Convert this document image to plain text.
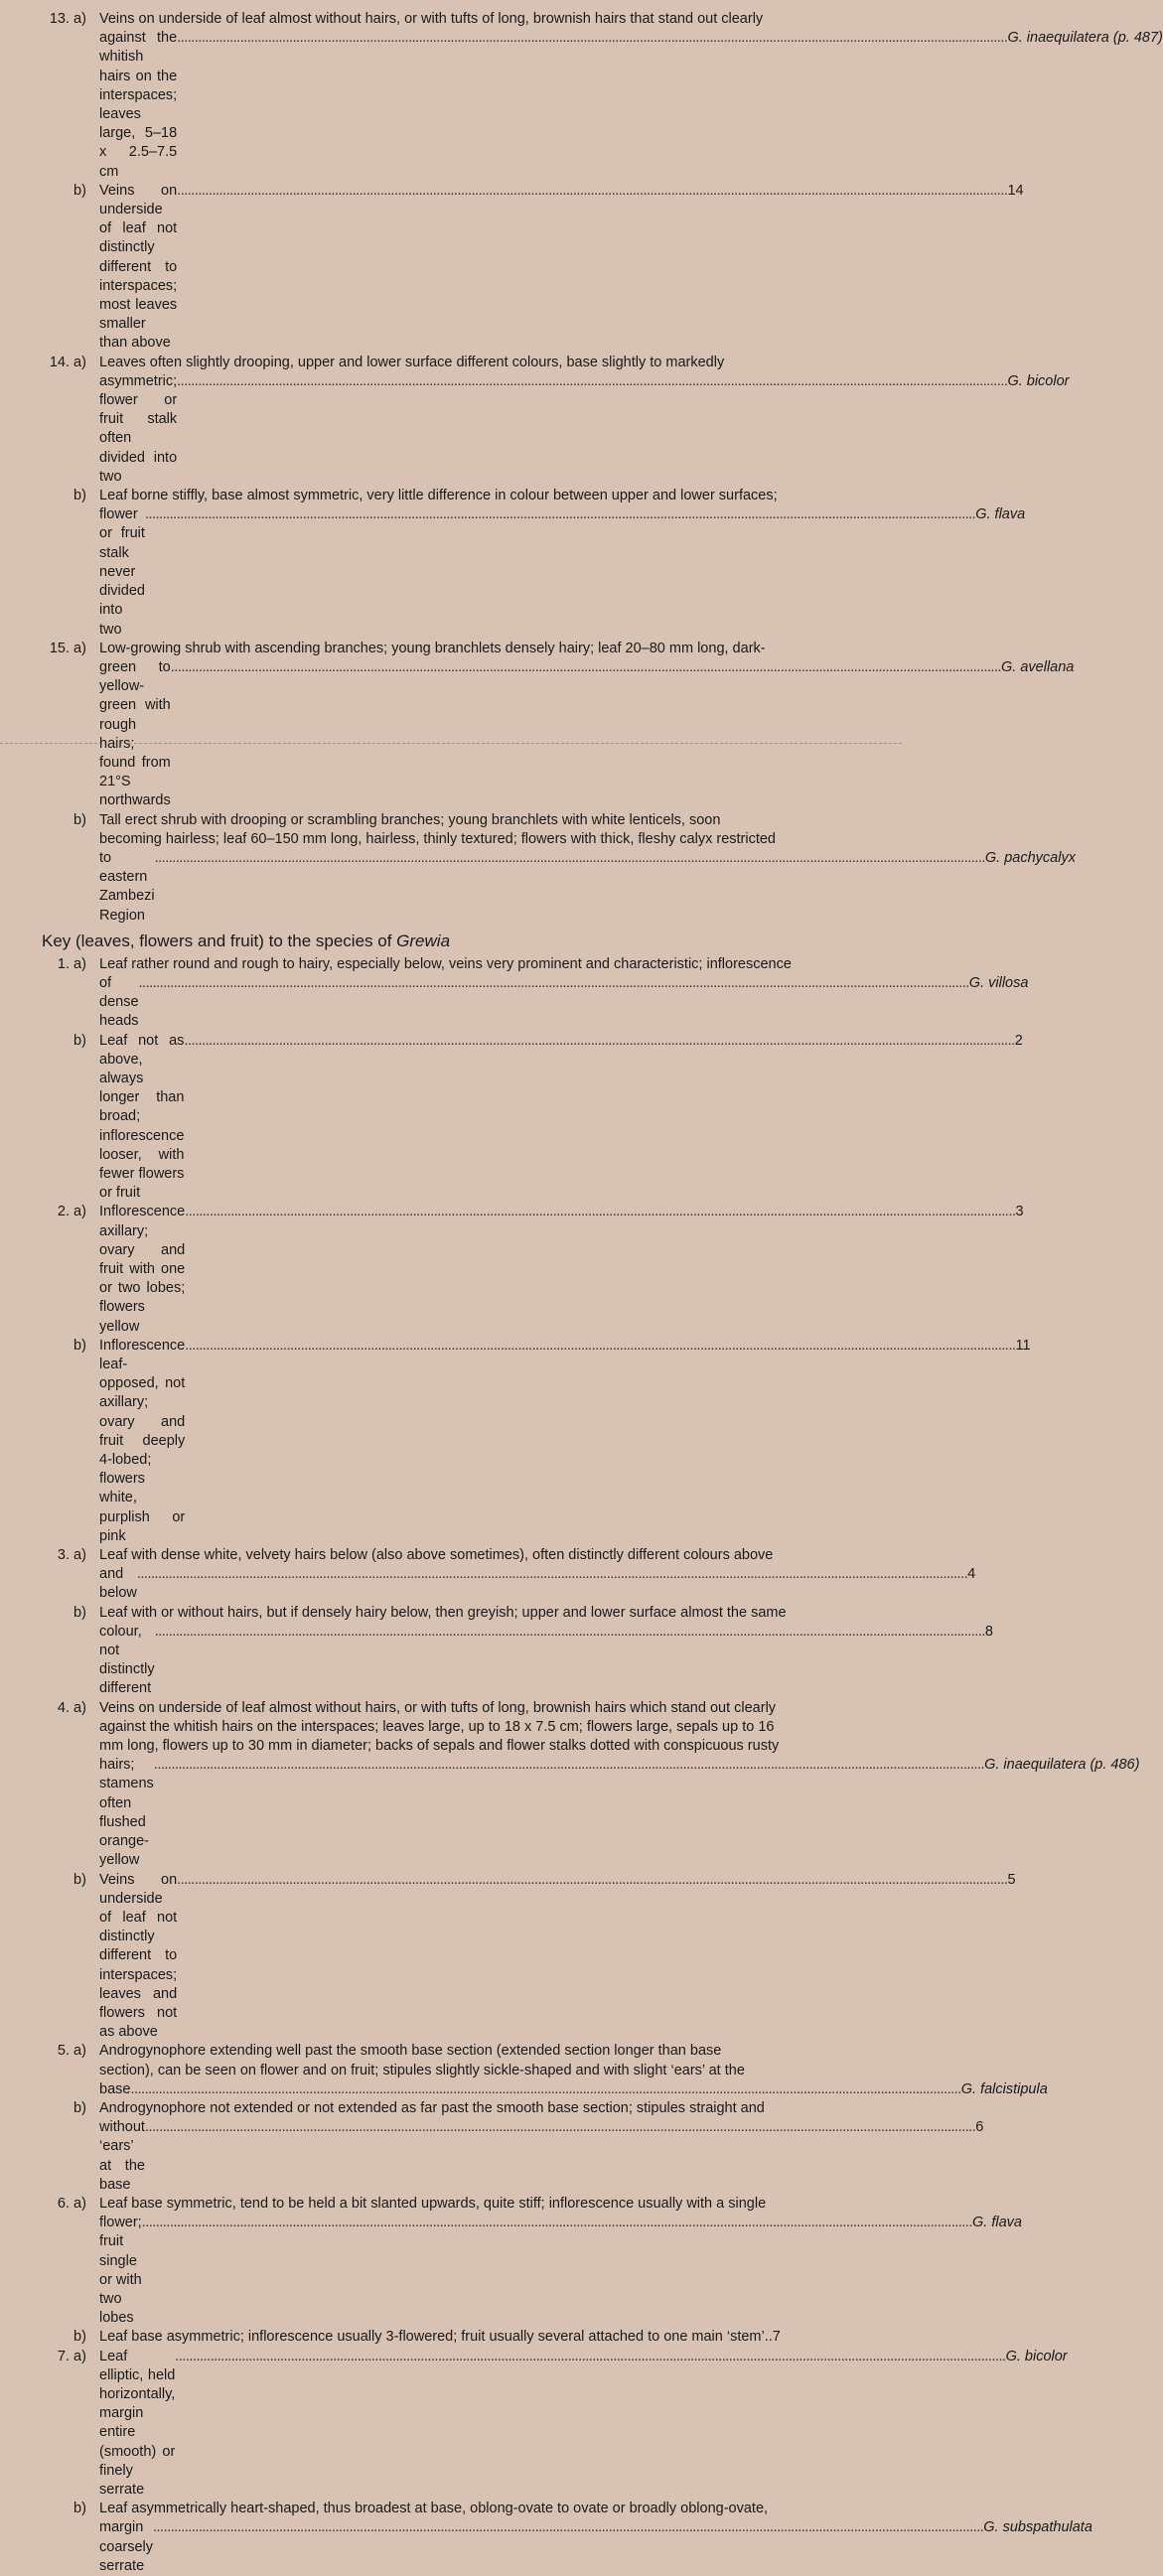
13. a) Veins on underside of leaf almost without hairs, or with tufts of long, brownish hairs that stand out clearly
against the whitish hairs on the interspaces; leaves large, 5–18 x 2.5–7.5 cm
.....
G. inaequilatera (p. 487)
b) Veins on underside of leaf not distinctly different to interspaces; most leaves smaller than above
.....
14
14. a) Leaves often slightly drooping, upper and lower surface different colours, base slightly to markedly
asymmetric; flower or fruit stalk often divided into two
.....
G. bicolor
b) Leaf borne stiffly, base almost symmetric, very little difference in colour between upper and lower surfaces;
flower or fruit stalk never divided into two
.....
G. flava
15. a) Low-growing shrub with ascending branches; young branchlets densely hairy; leaf 20–80 mm long, dark-
green to yellow-green with rough hairs; found from 21°S northwards
.....
G. avellana
b) Tall erect shrub with drooping or scrambling branches; young branchlets with white lenticels, soon
becoming hairless; leaf 60–150 mm long, hairless, thinly textured; flowers with thick, fleshy calyx restricted
to eastern Zambezi Region
.....
G. pachycalyx
Key (leaves, flowers and fruit) to the species of Grewia
1. a) Leaf rather round and rough to hairy, especially below, veins very prominent and characteristic; inflorescence
of dense heads
.....
G. villosa
b) Leaf not as above, always longer than broad; inflorescence looser, with fewer flowers or fruit
.....
2
2. a) Inflorescence axillary; ovary and fruit with one or two lobes; flowers yellow
.....
3
b) Inflorescence leaf-opposed, not axillary; ovary and fruit deeply 4-lobed; flowers white, purplish or pink
.....
11
3. a) Leaf with dense white, velvety hairs below (also above sometimes), often distinctly different colours above
and below
.....
4
b) Leaf with or without hairs, but if densely hairy below, then greyish; upper and lower surface almost the same
colour, not distinctly different
.....
8
4. a) Veins on underside of leaf almost without hairs, or with tufts of long, brownish hairs which stand out clearly
against the whitish hairs on the interspaces; leaves large, up to 18 x 7.5 cm; flowers large, sepals up to 16
mm long, flowers up to 30 mm in diameter; backs of sepals and flower stalks dotted with conspicuous rusty
hairs; stamens often flushed orange-yellow
.....
G. inaequilatera (p. 486)
b) Veins on underside of leaf not distinctly different to interspaces; leaves and flowers not as above
.....
5
5. a) Androgynophore extending well past the smooth base section (extended section longer than base
section), can be seen on flower and on fruit; stipules slightly sickle-shaped and with slight ‘ears’ at the
base
.....	G. falcistipula
b) Androgynophore not extended or not extended as far past the smooth base section; stipules straight and
without ‘ears’ at the base
.....
6
6. a) Leaf base symmetric, tend to be held a bit slanted upwards, quite stiff; inflorescence usually with a single
flower; fruit single or with two lobes
.....
G. flava
b) Leaf base asymmetric; inflorescence usually 3-flowered; fruit usually several attached to one main ‘stem’..7
7. a) Leaf elliptic, held horizontally, margin entire (smooth) or finely serrate
.....
G. bicolor
b) Leaf asymmetrically heart-shaped, thus broadest at base, oblong-ovate to ovate or broadly oblong-ovate,
margin coarsely serrate
.....
G. subspathulata
